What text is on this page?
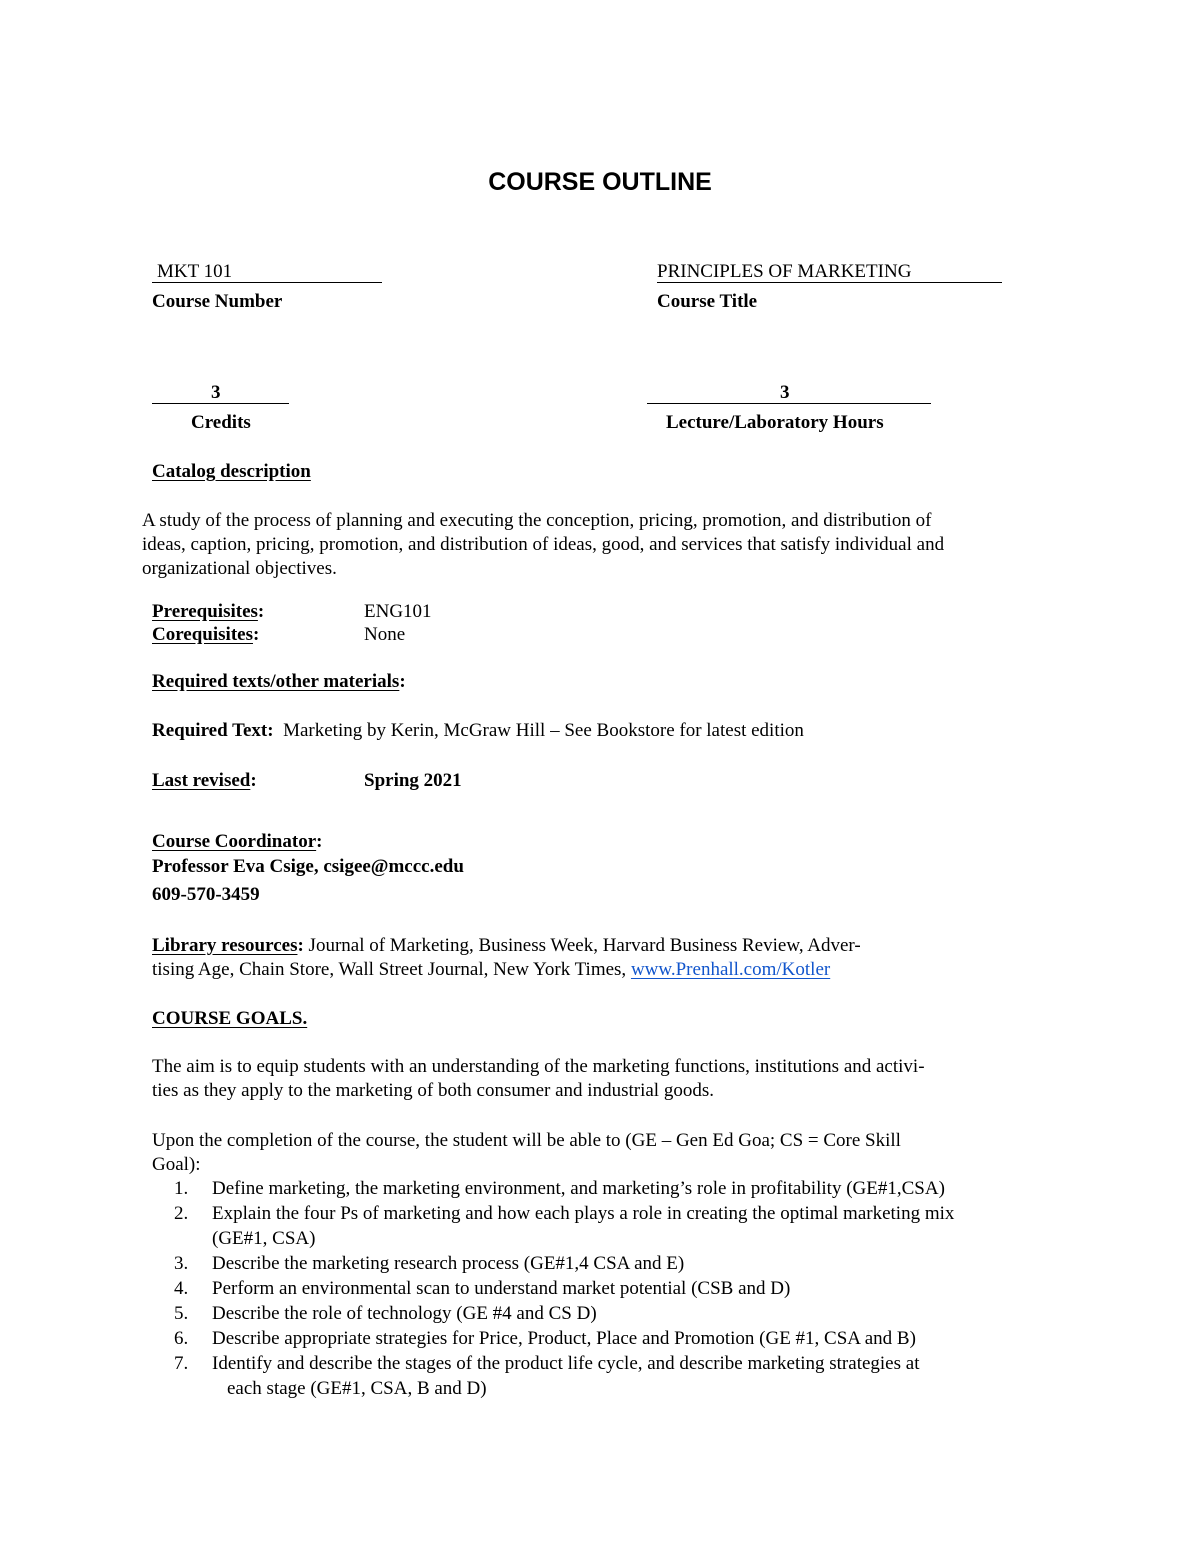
COURSE OUTLINE
MKT 101
Course Number
PRINCIPLES OF MARKETING
Course Title
3
Credits
3
Lecture/Laboratory Hours
Catalog description
A study of the process of planning and executing the conception, pricing, promotion, and distribution of
ideas, caption, pricing, promotion, and distribution of ideas, good, and services that satisfy individual and
organizational objectives.
Prerequisites:	ENG101
Corequisites:	None
Required texts/other materials:
Required Text: Marketing by Kerin, McGraw Hill – See Bookstore for latest edition
Last revised:	Spring 2021
Course Coordinator:
Professor Eva Csige, csigee@mccc.edu
609-570-3459
Library resources: Journal of Marketing, Business Week, Harvard Business Review, Adver-
tising Age, Chain Store, Wall Street Journal, New York Times, www.Prenhall.com/Kotler
COURSE GOALS.
The aim is to equip students with an understanding of the marketing functions, institutions and activi-
ties as they apply to the marketing of both consumer and industrial goods.
Upon the completion of the course, the student will be able to (GE – Gen Ed Goa; CS = Core Skill
Goal):
1. Define marketing, the marketing environment, and marketing’s role in profitability (GE#1,CSA)
2. Explain the four Ps of marketing and how each plays a role in creating the optimal marketing mix
(GE#1, CSA)
3. Describe the marketing research process (GE#1,4 CSA and E)
4. Perform an environmental scan to understand market potential (CSB and D)
5. Describe the role of technology (GE #4 and CS D)
6. Describe appropriate strategies for Price, Product, Place and Promotion (GE #1, CSA and B)
7. Identify and describe the stages of the product life cycle, and describe marketing strategies at
each stage (GE#1, CSA, B and D)
